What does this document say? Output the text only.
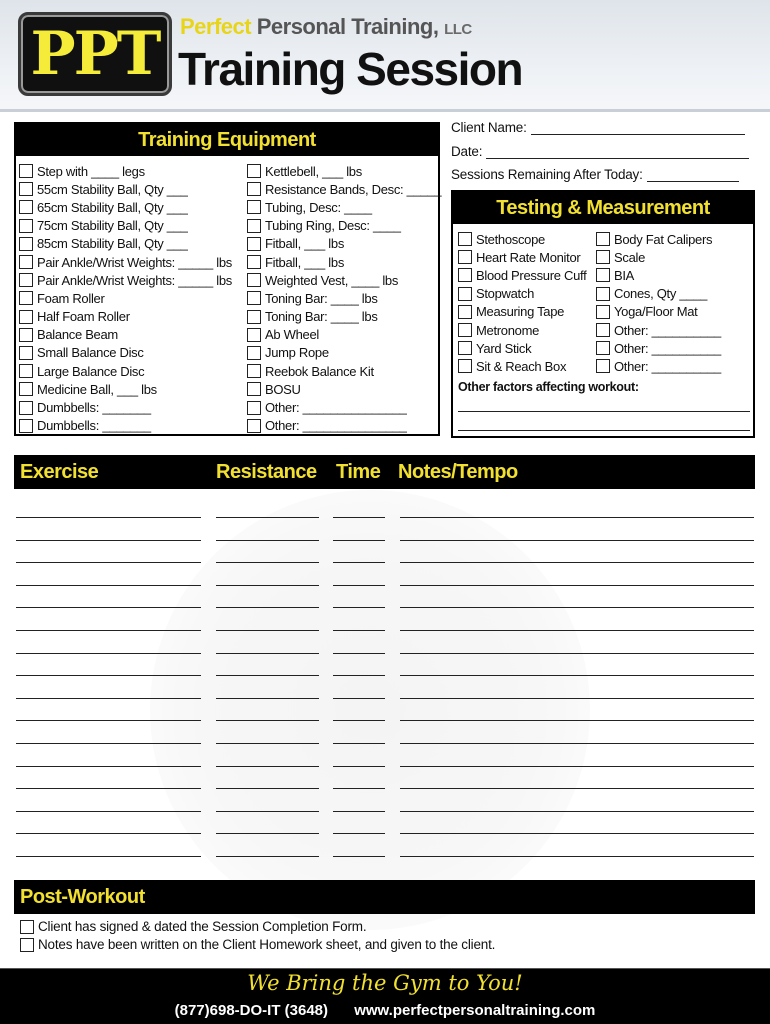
PPT Perfect Personal Training, LLC
Training Session
Training Equipment
Step with ____ legs
55cm Stability Ball, Qty ___
65cm Stability Ball, Qty ___
75cm Stability Ball, Qty ___
85cm Stability Ball, Qty ___
Pair Ankle/Wrist Weights: _____ lbs
Pair Ankle/Wrist Weights: _____ lbs
Foam Roller
Half Foam Roller
Balance Beam
Small Balance Disc
Large Balance Disc
Medicine Ball, ___ lbs
Dumbbells: _______
Dumbbells: _______
Kettlebell, ___ lbs
Resistance Bands, Desc: _____
Tubing, Desc: ____
Tubing Ring, Desc: ____
Fitball, ___ lbs
Fitball, ___ lbs
Weighted Vest, ____ lbs
Toning Bar: ____ lbs
Toning Bar: ____ lbs
Ab Wheel
Jump Rope
Reebok Balance Kit
BOSU
Other: _______________
Other: _______________
Client Name:
Date:
Sessions Remaining After Today:
Testing & Measurement
Stethoscope
Heart Rate Monitor
Blood Pressure Cuff
Stopwatch
Measuring Tape
Metronome
Yard Stick
Sit & Reach Box
Body Fat Calipers
Scale
BIA
Cones, Qty ____
Yoga/Floor Mat
Other: __________
Other: __________
Other: __________
Other factors affecting workout:
Exercise	Resistance Time Notes/Tempo
Post-Workout
Client has signed & dated the Session Completion Form.
Notes have been written on the Client Homework sheet, and given to the client.
We Bring the Gym to You!
(877)698-DO-IT (3648) www.perfectpersonaltraining.com
